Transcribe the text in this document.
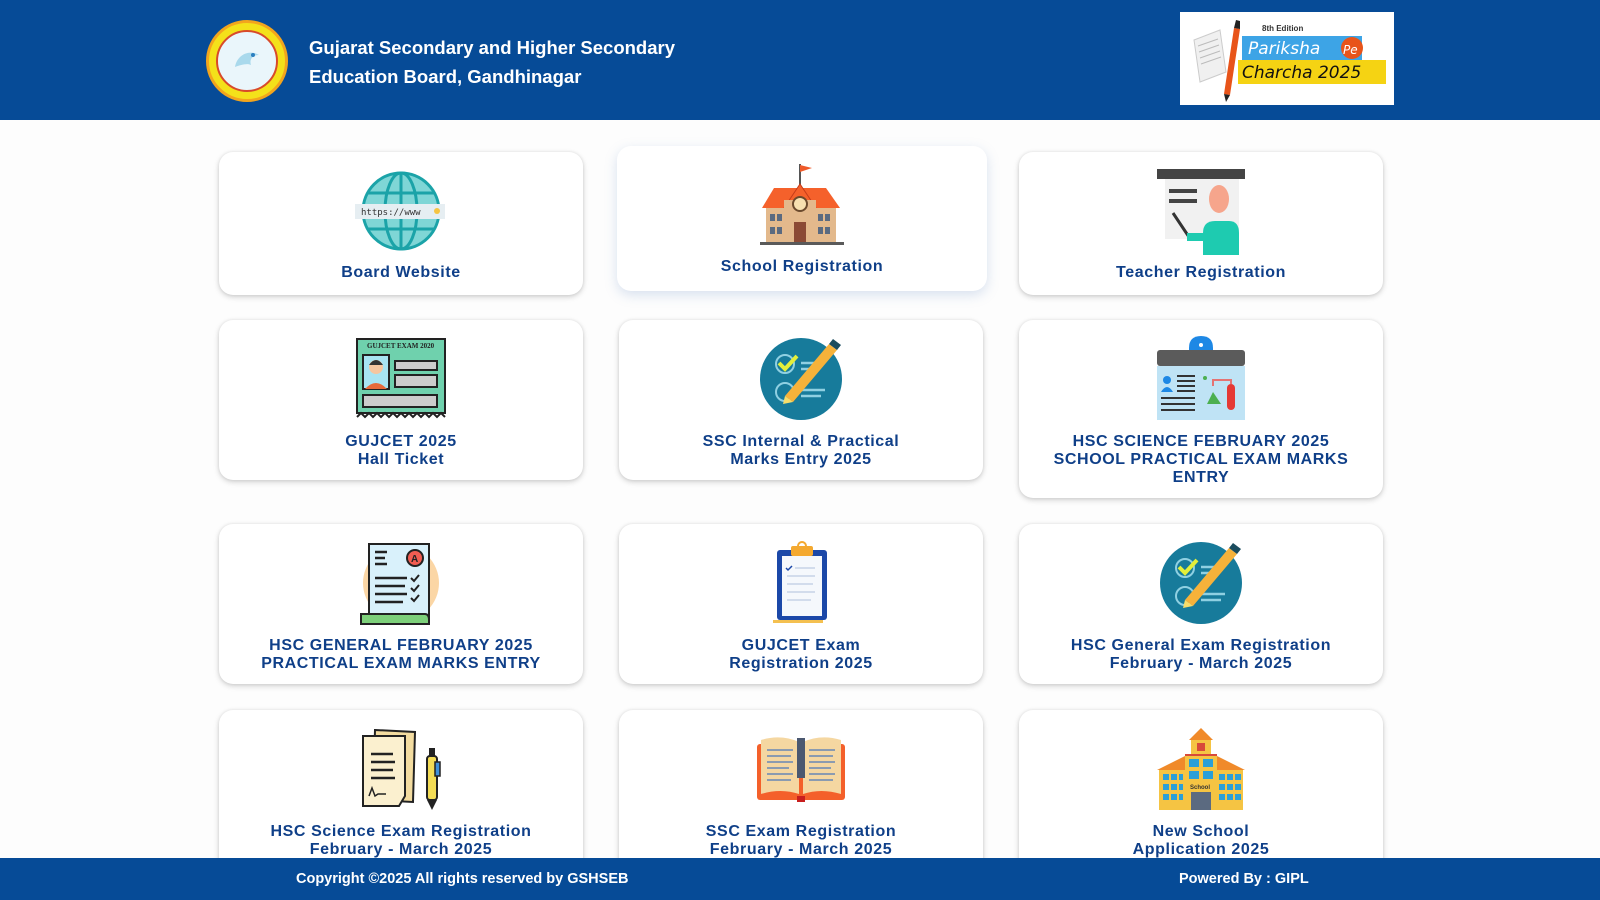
Gujarat Secondary and Higher Secondary
Education Board, Gandhinagar
8th Edition
Pariksha Pe
Charcha 2025
https://www
Board Website	School Registration	Teacher Registration
GUJCET EXAM 2020
GUJCET 2025
Hall Ticket
SSC Internal & Practical
Marks Entry 2025
HSC SCIENCE FEBRUARY 2025
SCHOOL PRACTICAL EXAM MARKS
ENTRY
A
HSC GENERAL FEBRUARY 2025
PRACTICAL EXAM MARKS ENTRY
GUJCET Exam
Registration 2025
HSC General Exam Registration
February - March 2025
HSC Science Exam Registration
February - March 2025
SSC Exam Registration
February - March 2025
School
New School
Application 2025
Copyright ©2025 All rights reserved by GSHSEB	Powered By : GIPL
